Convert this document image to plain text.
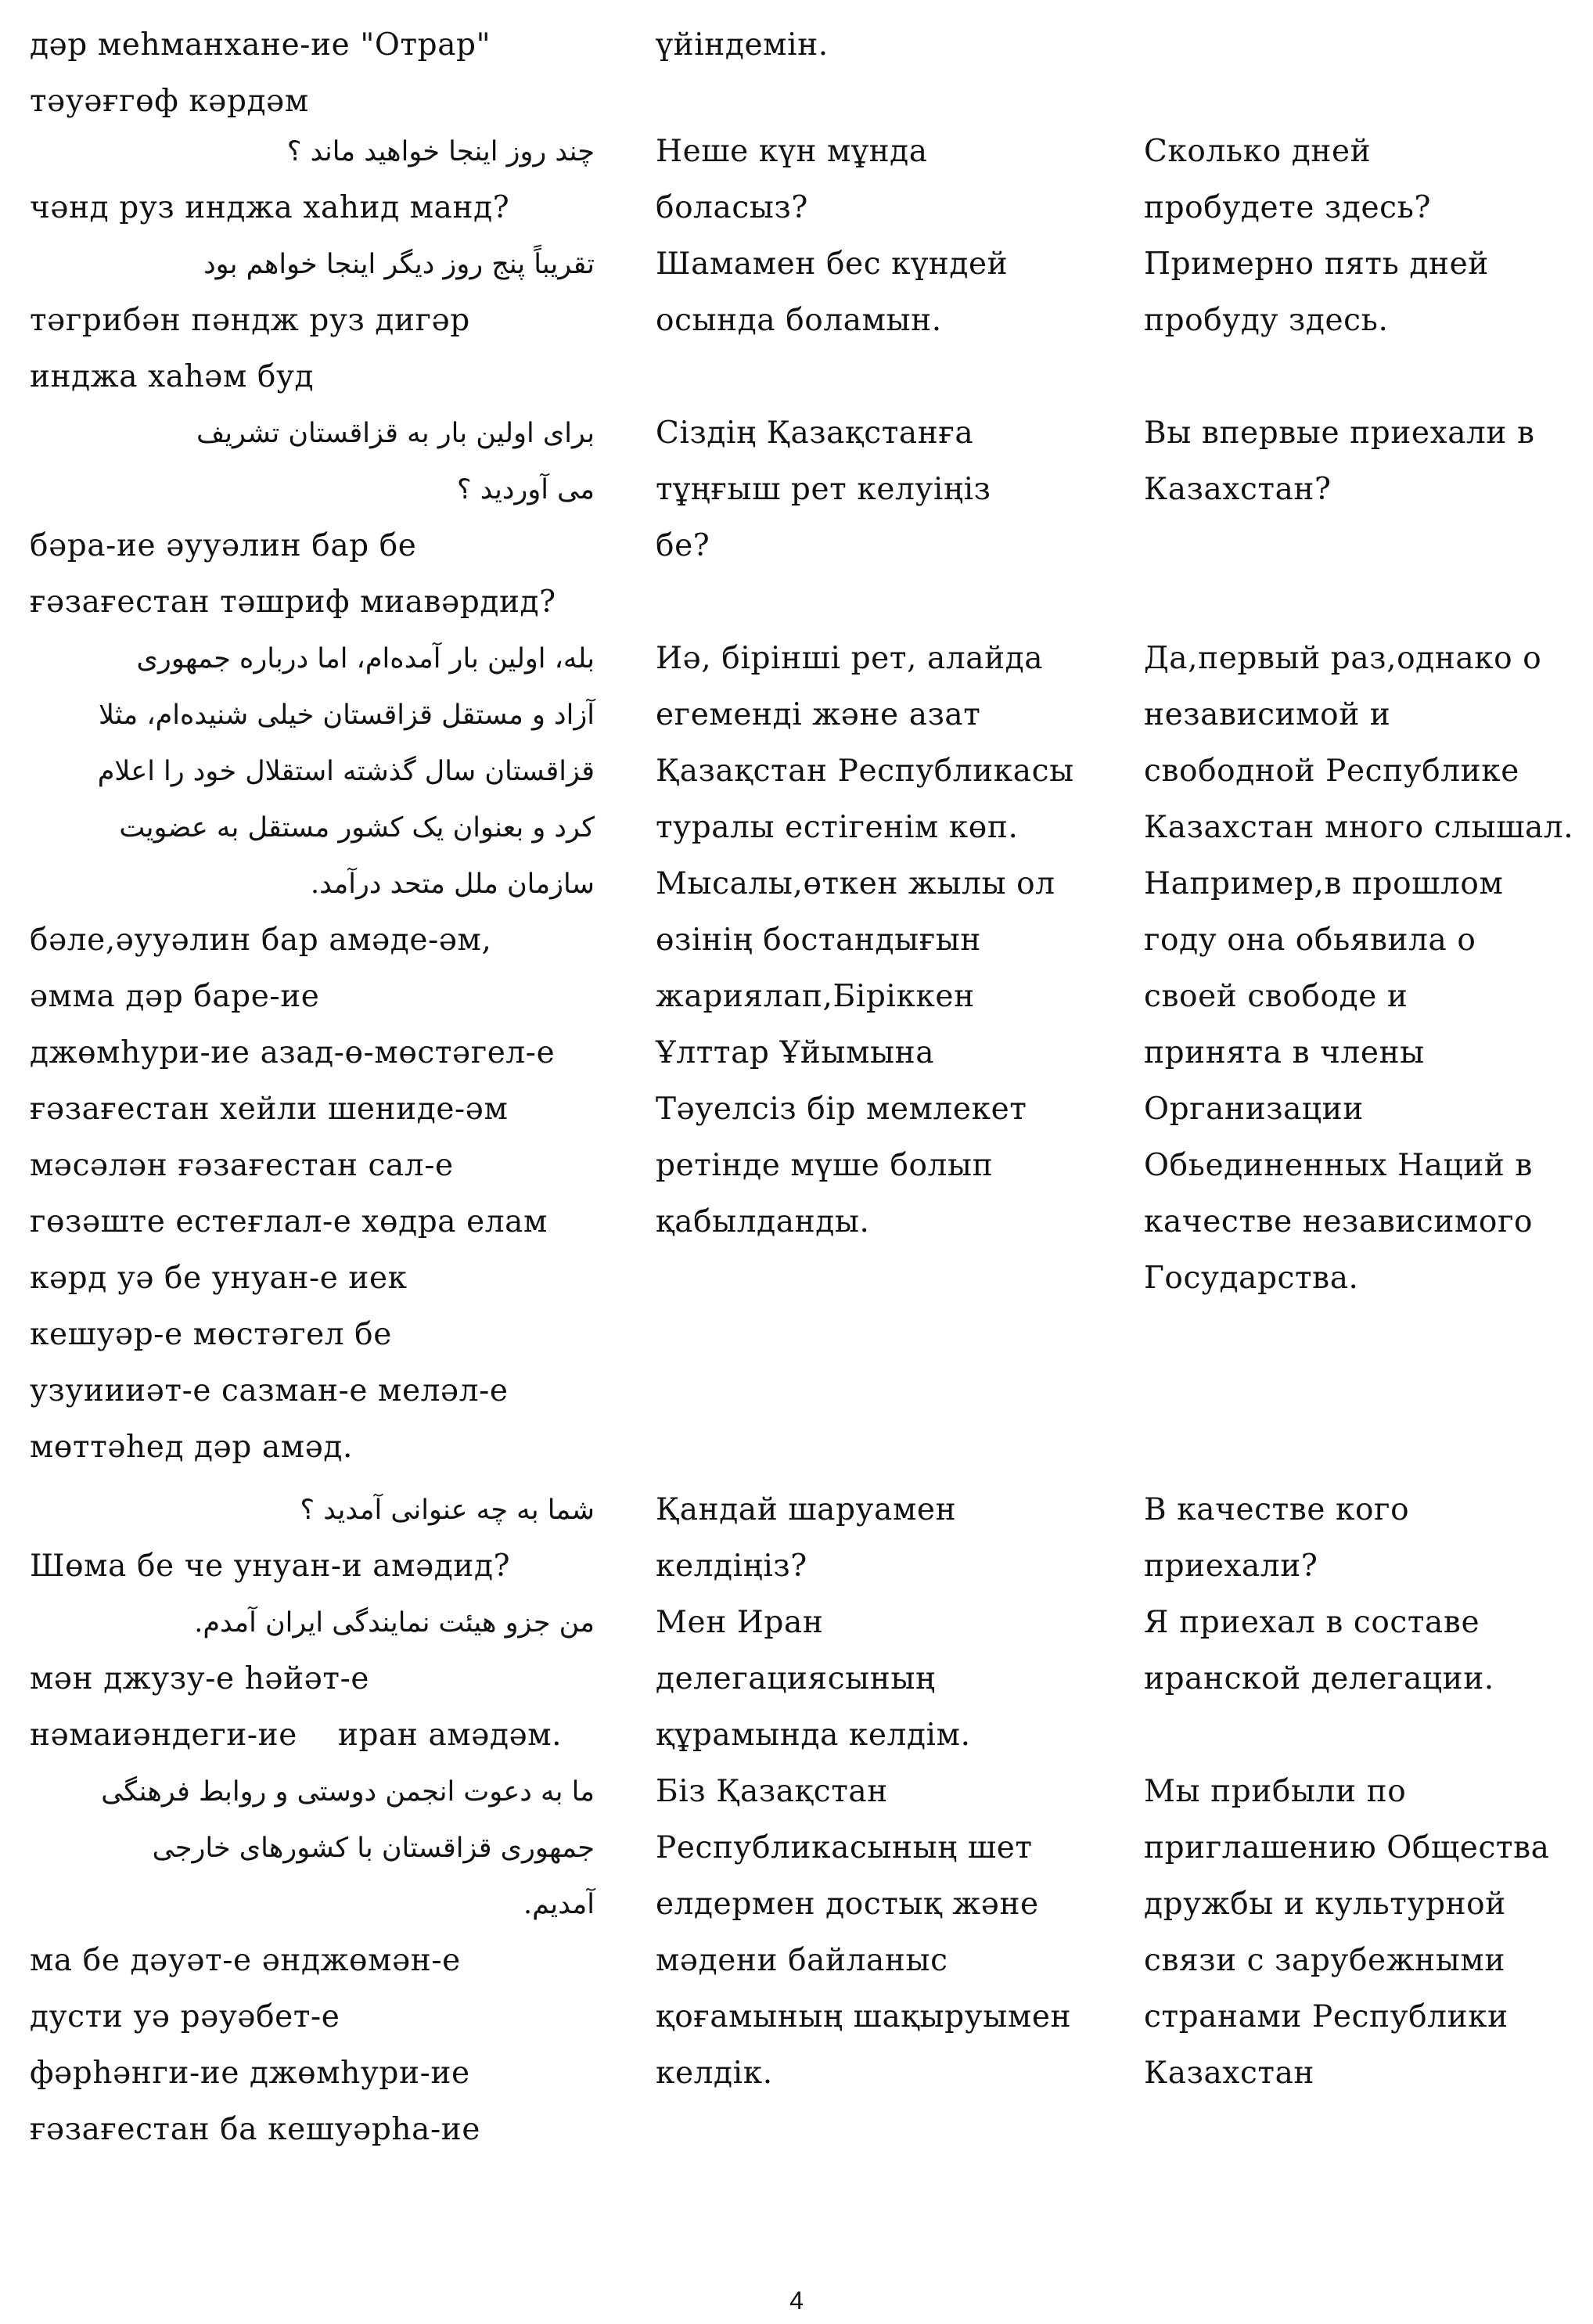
дәр меhманхане-ие "Отрар"
тәуәғгөф кәрдәм
үйіндемін.
چند روز اینجا خواهید ماند ؟
чәнд руз инджа хаhид манд?
Неше күн мұнда
боласыз?
Сколько дней
пробудете здесь?
تقریباً پنج روز دیگر اینجا خواهم بود
тәгрибән пәндж руз дигәр
инджа хаhәм буд
Шамамен бес күндей
осында боламын.
Примерно пять дней
пробуду здесь.
برای اولین بار به قزاقستان تشریف
می آوردید ؟
бәра-ие әууәлин бар бе
ғәзағестан тәшриф миавәрдид?
Сіздің Қазақстанға
тұңғыш рет келуіңіз
бе?
Вы впервые приехали в
Казахстан?
بله، اولین بار آمده‌ام، اما درباره جمهوری
آزاد و مستقل قزاقستان خیلی شنیده‌ام، مثلا
قزاقستان سال گذشته استقلال خود را اعلام
کرد و بعنوان یک کشور مستقل به عضویت
سازمان ملل متحد درآمد.
бәле,әууәлин бар амәде-әм,
әмма дәр баре-ие
джөмhури-ие азад-ө-мөстәгел-е
ғәзағестан хейли шениде-әм
мәсәлән ғәзағестан сал-е
гөзәште естеғлал-е хөдра елам
кәрд уә бе унуан-е иек
кешуәр-е мөстәгел бе
узуиииәт-е сазман-е мелəл-е
мөттәhед дәр амәд.
Иә, бірінші рет, алайда
егеменді және азат
Қазақстан Республикасы
туралы естігенім көп.
Мысалы,өткен жылы ол
өзінің бостандығын
жариялап,Біріккен
Ұлттар Ұйымына
Тәуелсіз бір мемлекет
ретінде мүше болып
қабылданды.
Да,первый раз,однако о
независимой и
свободной Республике
Казахстан много слышал.
Например,в прошлом
году она обьявила о
своей свободе и
принята в члены
Организации
Обьединенных Наций в
качестве независимого
Государства.
شما به چه عنوانی آمدید ؟
Шөма бе че унуан-и амәдид?
Қандай шаруамен
келдіңіз?
В качестве кого
приехали?
من جزو هیئت نمایندگی ایران آمدم.
мән джузу-е hәйәт-е
нәмаиәндеги-ие    иран амәдәм.
Мен Иран
делегациясының
құрамында келдім.
Я приехал в составе
иранской делегации.
ما به دعوت انجمن دوستی و روابط فرهنگی
جمهوری قزاقستان با کشورهای خارجی
آمدیم.
ма бе дәуәт-е әнджөмән-е
дусти уә рәуәбет-е
фәрhәнги-ие джөмhури-ие
ғәзағестан ба кешуәрhа-ие
Біз Қазақстан
Республикасының шет
елдермен достық және
мәдени байланыс
қоғамының шақыруымен
келдік.
Мы прибыли по
приглашению Общества
дружбы и культурной
связи с зарубежными
странами Республики
Казахстан
4
